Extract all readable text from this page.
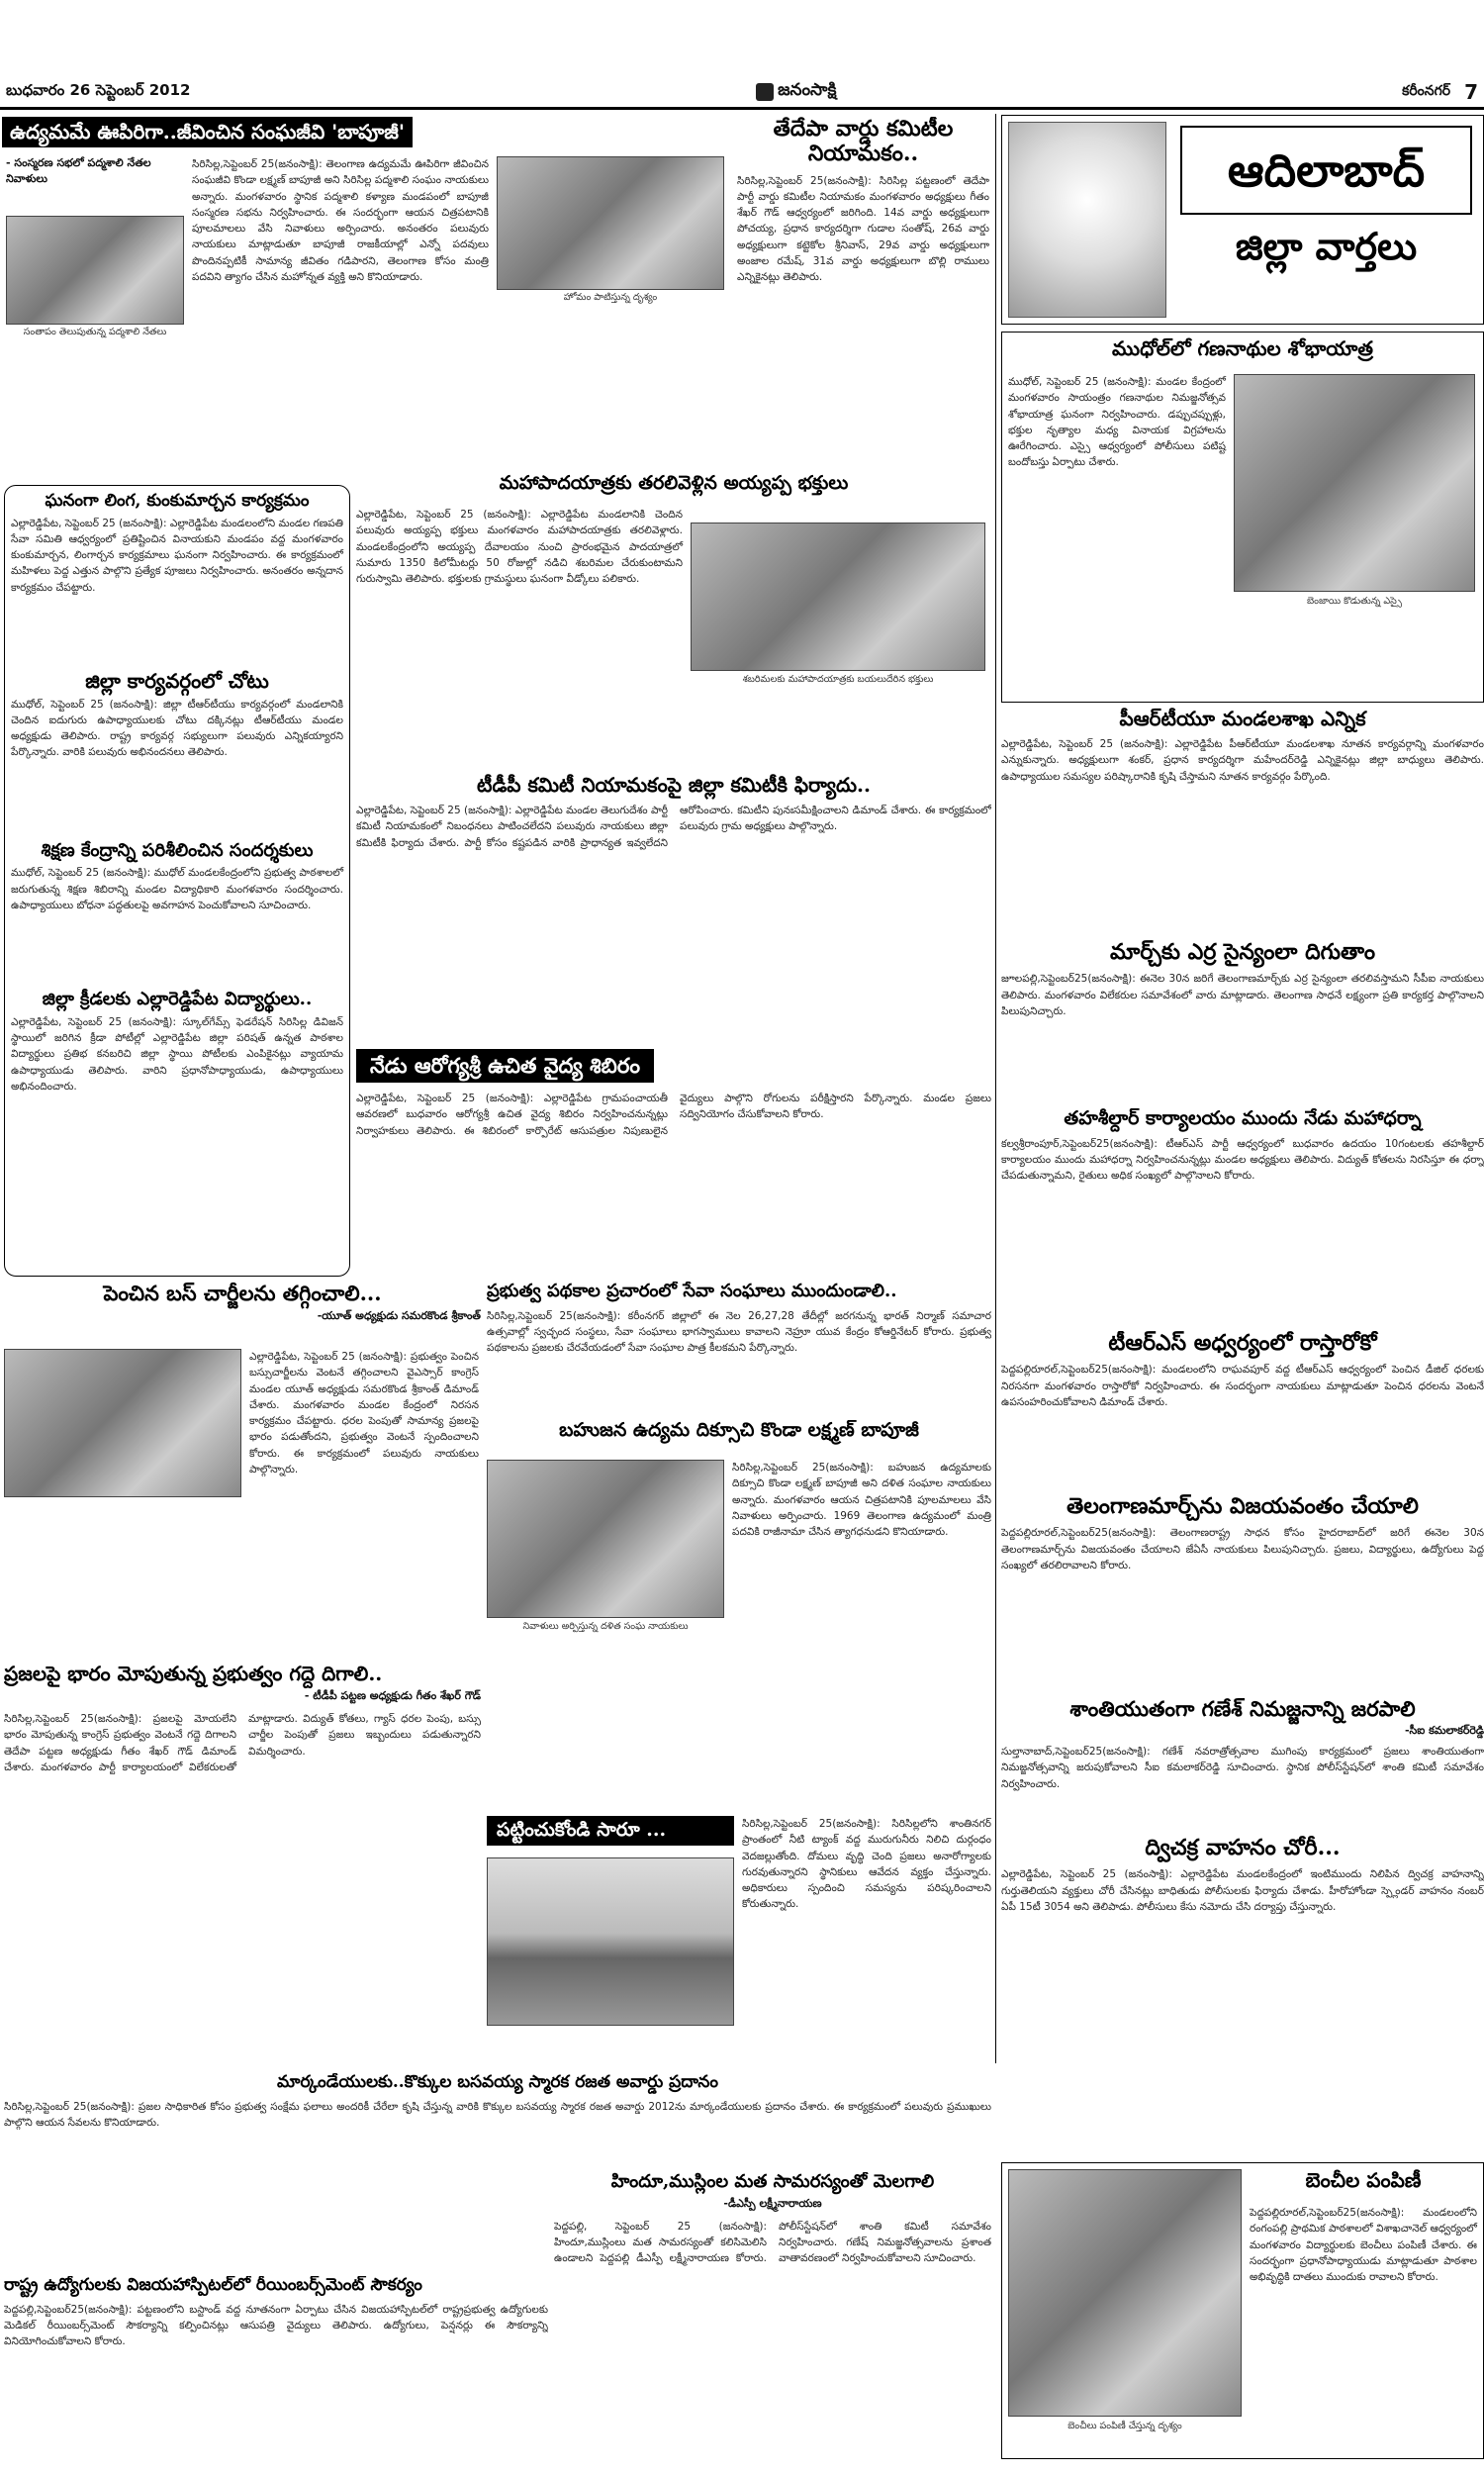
బుధవారం 26 సెప్టెంబర్ 2012	జనంసాక్షి	కరీంనగర్ 7
ఉద్యమమే ఊపిరిగా..జీవించిన సంఘజీవి 'బాపూజీ'
- సంస్మరణ సభలో పద్మశాలి నేతల నివాళులు
సంతాపం తెలుపుతున్న పద్మశాలి నేతలు
సిరిసిల్ల,సెప్టెంబర్ 25(జనంసాక్షి): తెలంగాణ ఉద్యమమే ఊపిరిగా జీవించిన సంఘజీవి కొండా లక్ష్మణ్ బాపూజీ అని సిరిసిల్ల పద్మశాలి సంఘం నాయకులు అన్నారు. మంగళవారం స్థానిక పద్మశాలి కళ్యాణ మండపంలో బాపూజీ సంస్మరణ సభను నిర్వహించారు. ఈ సందర్భంగా ఆయన చిత్రపటానికి పూలమాలలు వేసి నివాళులు అర్పించారు. అనంతరం పలువురు నాయకులు మాట్లాడుతూ బాపూజీ రాజకీయాల్లో ఎన్నో పదవులు పొందినప్పటికీ సామాన్య జీవితం గడిపారని, తెలంగాణ కోసం మంత్రి పదవిని త్యాగం చేసిన మహోన్నత వ్యక్తి అని కొనియాడారు.
హోమం పాటిస్తున్న దృశ్యం
తేదేపా వార్డు కమిటీల నియామకం..
సిరిసిల్ల,సెప్టెంబర్ 25(జనంసాక్షి): సిరిసిల్ల పట్టణంలో తెదేపా పార్టీ వార్డు కమిటీల నియామకం మంగళవారం అధ్యక్షులు గీతం శేఖర్ గౌడ్ ఆధ్వర్యంలో జరిగింది. 14వ వార్డు అధ్యక్షులుగా పోచయ్య, ప్రధాన కార్యదర్శిగా గుడాల సంతోష్, 26వ వార్డు అధ్యక్షులుగా కట్టెకోల శ్రీనివాస్, 29వ వార్డు అధ్యక్షులుగా అంజాల రమేష్, 31వ వార్డు అధ్యక్షులుగా బొల్లి రాములు ఎన్నికైనట్లు తెలిపారు.
ఆదిలాబాద్
జిల్లా వార్తలు
ఘనంగా లింగ, కుంకుమార్చన కార్యక్రమం
ఎల్లారెడ్డిపేట, సెప్టెంబర్ 25 (జనంసాక్షి): ఎల్లారెడ్డిపేట మండలంలోని మండల గణపతి సేవా సమితి ఆధ్వర్యంలో ప్రతిష్టించిన వినాయకుని మండపం వద్ద మంగళవారం కుంకుమార్చన, లింగార్చన కార్యక్రమాలు ఘనంగా నిర్వహించారు. ఈ కార్యక్రమంలో మహిళలు పెద్ద ఎత్తున పాల్గొని ప్రత్యేక పూజలు నిర్వహించారు. అనంతరం అన్నదాన కార్యక్రమం చేపట్టారు.
జిల్లా కార్యవర్గంలో చోటు
ముధోల్, సెప్టెంబర్ 25 (జనంసాక్షి): జిల్లా టీఆర్‌టీయు కార్యవర్గంలో మండలానికి చెందిన ఐదుగురు ఉపాధ్యాయులకు చోటు దక్కినట్లు టీఆర్‌టీయు మండల అధ్యక్షుడు తెలిపారు. రాష్ట్ర కార్యవర్గ సభ్యులుగా పలువురు ఎన్నికయ్యారని పేర్కొన్నారు. వారికి పలువురు అభినందనలు తెలిపారు.
శిక్షణ కేంద్రాన్ని పరిశీలించిన సందర్శకులు
ముధోల్, సెప్టెంబర్ 25 (జనంసాక్షి): ముధోల్ మండలకేంద్రంలోని ప్రభుత్వ పాఠశాలలో జరుగుతున్న శిక్షణ శిబిరాన్ని మండల విద్యాధికారి మంగళవారం సందర్శించారు. ఉపాధ్యాయులు బోధనా పద్ధతులపై అవగాహన పెంచుకోవాలని సూచించారు.
జిల్లా క్రీడలకు ఎల్లారెడ్డిపేట విద్యార్థులు..
ఎల్లారెడ్డిపేట, సెప్టెంబర్ 25 (జనంసాక్షి): స్కూల్‌గేమ్స్ ఫెడరేషన్ సిరిసిల్ల డివిజన్ స్థాయిలో జరిగిన క్రీడా పోటీల్లో ఎల్లారెడ్డిపేట జిల్లా పరిషత్ ఉన్నత పాఠశాల విద్యార్థులు ప్రతిభ కనబరిచి జిల్లా స్థాయి పోటీలకు ఎంపికైనట్లు వ్యాయామ ఉపాధ్యాయుడు తెలిపారు. వారిని ప్రధానోపాధ్యాయుడు, ఉపాధ్యాయులు అభినందించారు.
మహాపాదయాత్రకు తరలివెళ్లిన అయ్యప్ప భక్తులు
ఎల్లారెడ్డిపేట, సెప్టెంబర్ 25 (జనంసాక్షి): ఎల్లారెడ్డిపేట మండలానికి చెందిన పలువురు అయ్యప్ప భక్తులు మంగళవారం మహాపాదయాత్రకు తరలివెళ్లారు. మండలకేంద్రంలోని అయ్యప్ప దేవాలయం నుంచి ప్రారంభమైన పాదయాత్రలో సుమారు 1350 కిలోమీటర్లు 50 రోజుల్లో నడిచి శబరిమల చేరుకుంటామని గురుస్వామి తెలిపారు. భక్తులకు గ్రామస్థులు ఘనంగా వీడ్కోలు పలికారు.
శబరిమలకు మహాపాదయాత్రకు బయలుదేరిన భక్తులు
టీడీపీ కమిటీ నియామకంపై జిల్లా కమిటీకి ఫిర్యాదు..
ఎల్లారెడ్డిపేట, సెప్టెంబర్ 25 (జనంసాక్షి): ఎల్లారెడ్డిపేట మండల తెలుగుదేశం పార్టీ కమిటీ నియామకంలో నిబంధనలు పాటించలేదని పలువురు నాయకులు జిల్లా కమిటీకి ఫిర్యాదు చేశారు. పార్టీ కోసం కష్టపడిన వారికి ప్రాధాన్యత ఇవ్వలేదని ఆరోపించారు. కమిటీని పునఃసమీక్షించాలని డిమాండ్ చేశారు. ఈ కార్యక్రమంలో పలువురు గ్రామ అధ్యక్షులు పాల్గొన్నారు.
నేడు ఆరోగ్యశ్రీ ఉచిత వైద్య శిబిరం
ఎల్లారెడ్డిపేట, సెప్టెంబర్ 25 (జనంసాక్షి): ఎల్లారెడ్డిపేట గ్రామపంచాయతీ ఆవరణలో బుధవారం ఆరోగ్యశ్రీ ఉచిత వైద్య శిబిరం నిర్వహించనున్నట్లు నిర్వాహకులు తెలిపారు. ఈ శిబిరంలో కార్పొరేట్ ఆసుపత్రుల నిపుణులైన వైద్యులు పాల్గొని రోగులను పరీక్షిస్తారని పేర్కొన్నారు. మండల ప్రజలు సద్వినియోగం చేసుకోవాలని కోరారు.
పెంచిన బస్ చార్జీలను తగ్గించాలి...
-యూత్ అధ్యక్షుడు సమరకొండ శ్రీకాంత్
ఎల్లారెడ్డిపేట, సెప్టెంబర్ 25 (జనంసాక్షి): ప్రభుత్వం పెంచిన బస్సుచార్జీలను వెంటనే తగ్గించాలని వైఎస్సార్ కాంగ్రెస్ మండల యూత్ అధ్యక్షుడు సమరకొండ శ్రీకాంత్ డిమాండ్ చేశారు. మంగళవారం మండల కేంద్రంలో నిరసన కార్యక్రమం చేపట్టారు. ధరల పెంపుతో సామాన్య ప్రజలపై భారం పడుతోందని, ప్రభుత్వం వెంటనే స్పందించాలని కోరారు. ఈ కార్యక్రమంలో పలువురు నాయకులు పాల్గొన్నారు.
ప్రజలపై భారం మోపుతున్న ప్రభుత్వం గద్దె దిగాలి..
- టీడీపీ పట్టణ అధ్యక్షుడు గీతం శేఖర్ గౌడ్
సిరిసిల్ల,సెప్టెంబర్ 25(జనంసాక్షి): ప్రజలపై మోయలేని భారం మోపుతున్న కాంగ్రెస్ ప్రభుత్వం వెంటనే గద్దె దిగాలని తెదేపా పట్టణ అధ్యక్షుడు గీతం శేఖర్ గౌడ్ డిమాండ్ చేశారు. మంగళవారం పార్టీ కార్యాలయంలో విలేకరులతో మాట్లాడారు. విద్యుత్ కోతలు, గ్యాస్ ధరల పెంపు, బస్సు చార్జీల పెంపుతో ప్రజలు ఇబ్బందులు పడుతున్నారని విమర్శించారు.
ప్రభుత్వ పథకాల ప్రచారంలో సేవా సంఘాలు ముందుండాలి..
సిరిసిల్ల,సెప్టెంబర్ 25(జనంసాక్షి): కరీంనగర్ జిల్లాలో ఈ నెల 26,27,28 తేదీల్లో జరగనున్న భారత్ నిర్మాణ్ సమాచార ఉత్సవాల్లో స్వచ్ఛంద సంస్థలు, సేవా సంఘాలు భాగస్వాములు కావాలని నెహ్రూ యువ కేంద్రం కోఆర్డినేటర్ కోరారు. ప్రభుత్వ పథకాలను ప్రజలకు చేరవేయడంలో సేవా సంఘాల పాత్ర కీలకమని పేర్కొన్నారు.
బహుజన ఉద్యమ దిక్సూచి కొండా లక్ష్మణ్ బాపూజీ
నివాళులు అర్పిస్తున్న దళిత సంఘ నాయకులు
సిరిసిల్ల,సెప్టెంబర్ 25(జనంసాక్షి): బహుజన ఉద్యమాలకు దిక్సూచి కొండా లక్ష్మణ్ బాపూజీ అని దళిత సంఘాల నాయకులు అన్నారు. మంగళవారం ఆయన చిత్రపటానికి పూలమాలలు వేసి నివాళులు అర్పించారు. 1969 తెలంగాణ ఉద్యమంలో మంత్రి పదవికి రాజీనామా చేసిన త్యాగధనుడని కొనియాడారు.
పట్టించుకోండి సారూ ...	సిరిసిల్ల,సెప్టెంబర్ 25(జనంసాక్షి): సిరిసిల్లలోని శాంతినగర్ ప్రాంతంలో నీటి ట్యాంక్ వద్ద మురుగునీరు నిలిచి దుర్గంధం వెదజల్లుతోంది. దోమలు వృద్ధి చెంది ప్రజలు అనారోగ్యాలకు గురవుతున్నారని స్థానికులు ఆవేదన వ్యక్తం చేస్తున్నారు. అధికారులు స్పందించి సమస్యను పరిష్కరించాలని కోరుతున్నారు.
మార్కండేయులకు..కొక్కుల బసవయ్య స్మారక రజత అవార్డు ప్రదానం
సిరిసిల్ల,సెప్టెంబర్ 25(జనంసాక్షి): ప్రజల సాధికారిత కోసం ప్రభుత్వ సంక్షేమ ఫలాలు అందరికీ చేరేలా కృషి చేస్తున్న వారికి కొక్కుల బసవయ్య స్మారక రజత అవార్డు 2012ను మార్కండేయులకు ప్రదానం చేశారు. ఈ కార్యక్రమంలో పలువురు ప్రముఖులు పాల్గొని ఆయన సేవలను కొనియాడారు.
హిందూ,ముస్లింల మత సామరస్యంతో మెలగాలి
-డీఎస్పీ లక్ష్మీనారాయణ
పెద్దపల్లి, సెప్టెంబర్ 25 (జనంసాక్షి): హిందూ,ముస్లింలు మత సామరస్యంతో కలిసిమెలిసి ఉండాలని పెద్దపల్లి డీఎస్పీ లక్ష్మీనారాయణ కోరారు. పోలీస్‌స్టేషన్‌లో శాంతి కమిటీ సమావేశం నిర్వహించారు. గణేష్ నిమజ్జనోత్సవాలను ప్రశాంత వాతావరణంలో నిర్వహించుకోవాలని సూచించారు.
రాష్ట్ర ఉద్యోగులకు విజయహాస్పిటల్‌లో రీయింబర్స్‌మెంట్ సౌకర్యం
పెద్దపల్లి,సెప్టెంబర్25(జనంసాక్షి): పట్టణంలోని బస్టాండ్ వద్ద నూతనంగా ఏర్పాటు చేసిన విజయహాస్పిటల్‌లో రాష్ట్రప్రభుత్వ ఉద్యోగులకు మెడికల్ రీయింబర్స్‌మెంట్ సౌకర్యాన్ని కల్పించినట్లు ఆసుపత్రి వైద్యులు తెలిపారు. ఉద్యోగులు, పెన్షనర్లు ఈ సౌకర్యాన్ని వినియోగించుకోవాలని కోరారు.
ముధోల్‌లో గణనాథుల శోభాయాత్ర
ముధోల్, సెప్టెంబర్ 25 (జనంసాక్షి): మండల కేంద్రంలో మంగళవారం సాయంత్రం గణనాథుల నిమజ్జనోత్సవ శోభాయాత్ర ఘనంగా నిర్వహించారు. డప్పుచప్పుళ్లు, భక్తుల నృత్యాల మధ్య వినాయక విగ్రహాలను ఊరేగించారు. ఎస్సై ఆధ్వర్యంలో పోలీసులు పటిష్ట బందోబస్తు ఏర్పాటు చేశారు.
బెంజాయి కొడుతున్న ఎస్సై
పీఆర్‌టీయూ మండలశాఖ ఎన్నిక
ఎల్లారెడ్డిపేట, సెప్టెంబర్ 25 (జనంసాక్షి): ఎల్లారెడ్డిపేట పీఆర్‌టీయూ మండలశాఖ నూతన కార్యవర్గాన్ని మంగళవారం ఎన్నుకున్నారు. అధ్యక్షులుగా శంకర్, ప్రధాన కార్యదర్శిగా మహేందర్‌రెడ్డి ఎన్నికైనట్లు జిల్లా బాధ్యులు తెలిపారు. ఉపాధ్యాయుల సమస్యల పరిష్కారానికి కృషి చేస్తామని నూతన కార్యవర్గం పేర్కొంది.
మార్చ్‌కు ఎర్ర సైన్యంలా దిగుతాం
జూలపల్లి,సెప్టెంబర్25(జనంసాక్షి): ఈనెల 30న జరిగే తెలంగాణమార్చ్‌కు ఎర్ర సైన్యంలా తరలివస్తామని సీపీఐ నాయకులు తెలిపారు. మంగళవారం విలేకరుల సమావేశంలో వారు మాట్లాడారు. తెలంగాణ సాధనే లక్ష్యంగా ప్రతి కార్యకర్త పాల్గొనాలని పిలుపునిచ్చారు.
తహశీల్దార్ కార్యాలయం ముందు నేడు మహాధర్నా
కల్వశ్రీరాంపూర్,సెప్టెంబర్25(జనంసాక్షి): టీఆర్‌ఎస్ పార్టీ ఆధ్వర్యంలో బుధవారం ఉదయం 10గంటలకు తహశీల్దార్ కార్యాలయం ముందు మహాధర్నా నిర్వహించనున్నట్లు మండల అధ్యక్షులు తెలిపారు. విద్యుత్ కోతలను నిరసిస్తూ ఈ ధర్నా చేపడుతున్నామని, రైతులు అధిక సంఖ్యలో పాల్గొనాలని కోరారు.
టీఆర్ఎస్ అధ్వర్యంలో రాస్తారోకో
పెద్దపల్లిరూరల్,సెప్టెంబర్25(జనంసాక్షి): మండలంలోని రాఘవపూర్ వద్ద టీఆర్‌ఎస్ ఆధ్వర్యంలో పెంచిన డీజిల్ ధరలకు నిరసనగా మంగళవారం రాస్తారోకో నిర్వహించారు. ఈ సందర్భంగా నాయకులు మాట్లాడుతూ పెంచిన ధరలను వెంటనే ఉపసంహరించుకోవాలని డిమాండ్ చేశారు.
తెలంగాణమార్చ్‌ను విజయవంతం చేయాలి
పెద్దపల్లిరూరల్,సెప్టెంబర్25(జనంసాక్షి): తెలంగాణరాష్ట్ర సాధన కోసం హైదరాబాద్‌లో జరిగే ఈనెల 30న తెలంగాణమార్చ్‌ను విజయవంతం చేయాలని జేఏసీ నాయకులు పిలుపునిచ్చారు. ప్రజలు, విద్యార్థులు, ఉద్యోగులు పెద్ద సంఖ్యలో తరలిరావాలని కోరారు.
శాంతియుతంగా గణేశ్ నిమజ్జనాన్ని జరపాలి
-సీఐ కమలాకర్‌రెడ్డి
సుల్తానాబాద్,సెప్టెంబర్25(జనంసాక్షి): గణేశ్ నవరాత్రోత్సవాల ముగింపు కార్యక్రమంలో ప్రజలు శాంతియుతంగా నిమజ్జనోత్సవాన్ని జరుపుకోవాలని సీఐ కమలాకర్‌రెడ్డి సూచించారు. స్థానిక పోలీస్‌స్టేషన్‌లో శాంతి కమిటీ సమావేశం నిర్వహించారు.
ద్విచక్ర వాహనం చోరీ...
ఎల్లారెడ్డిపేట, సెప్టెంబర్ 25 (జనంసాక్షి): ఎల్లారెడ్డిపేట మండలకేంద్రంలో ఇంటిముందు నిలిపిన ద్విచక్ర వాహనాన్ని గుర్తుతెలియని వ్యక్తులు చోరీ చేసినట్లు బాధితుడు పోలీసులకు ఫిర్యాదు చేశాడు. హీరోహోండా స్ప్లెండర్ వాహనం నంబర్ ఏపీ 15టీ 3054 అని తెలిపాడు. పోలీసులు కేసు నమోదు చేసి దర్యాప్తు చేస్తున్నారు.
బెంచీల పంపిణీ
బెంచీలు పంపిణీ చేస్తున్న దృశ్యం
పెద్దపల్లిరూరల్,సెప్టెంబర్25(జనంసాక్షి): మండలంలోని రంగంపల్లి ప్రాథమిక పాఠశాలలో విశాఖచానెల్ ఆధ్వర్యంలో మంగళవారం విద్యార్థులకు బెంచీలు పంపిణీ చేశారు. ఈ సందర్భంగా ప్రధానోపాధ్యాయుడు మాట్లాడుతూ పాఠశాల అభివృద్ధికి దాతలు ముందుకు రావాలని కోరారు.
